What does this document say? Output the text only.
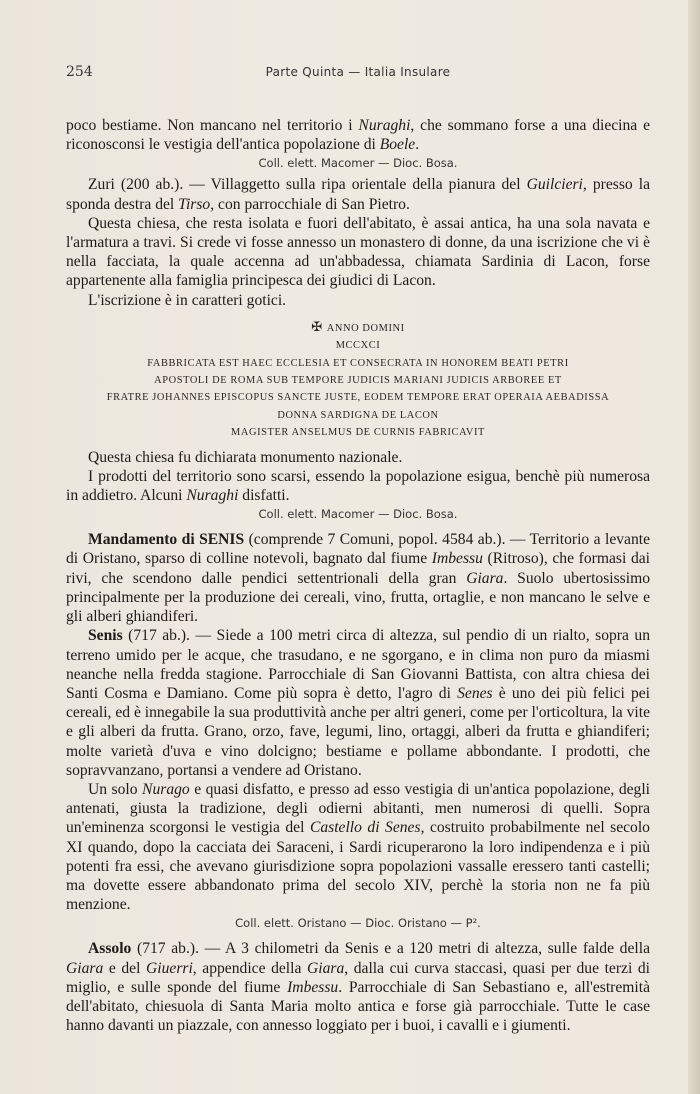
254	Parte Quinta — Italia Insulare

poco bestiame. Non mancano nel territorio i Nuraghi, che sommano forse a una diecina e riconosconsi le vestigia dell'antica popolazione di Boele.

Coll. elett. Macomer — Dioc. Bosa.

Zuri (200 ab.). — Villaggetto sulla ripa orientale della pianura del Guilcieri, presso la sponda destra del Tirso, con parrocchiale di San Pietro.

Questa chiesa, che resta isolata e fuori dell'abitato, è assai antica, ha una sola navata e l'armatura a travi. Si crede vi fosse annesso un monastero di donne, da una iscrizione che vi è nella facciata, la quale accenna ad un'abbadessa, chiamata Sardinia di Lacon, forse appartenente alla famiglia principesca dei giudici di Lacon.

L'iscrizione è in caratteri gotici.

✠ ANNO DOMINI
MCCXCI
FABBRICATA EST HAEC ECCLESIA ET CONSECRATA IN HONOREM BEATI PETRI
APOSTOLI DE ROMA SUB TEMPORE JUDICIS MARIANI JUDICIS ARBOREE ET
FRATRE JOHANNES EPISCOPUS SANCTE JUSTE, EODEM TEMPORE ERAT OPERAIA AEBADISSA
DONNA SARDIGNA DE LACON
MAGISTER ANSELMUS DE CURNIS FABRICAVIT

Questa chiesa fu dichiarata monumento nazionale.

I prodotti del territorio sono scarsi, essendo la popolazione esigua, benchè più numerosa in addietro. Alcuni Nuraghi disfatti.

Coll. elett. Macomer — Dioc. Bosa.

Mandamento di SENIS (comprende 7 Comuni, popol. 4584 ab.). — Territorio a levante di Oristano, sparso di colline notevoli, bagnato dal fiume Imbessu (Ritroso), che formasi dai rivi, che scendono dalle pendici settentrionali della gran Giara. Suolo ubertosissimo principalmente per la produzione dei cereali, vino, frutta, ortaglie, e non mancano le selve e gli alberi ghiandiferi.

Senis (717 ab.). — Siede a 100 metri circa di altezza, sul pendio di un rialto, sopra un terreno umido per le acque, che trasudano, e ne sgorgano, e in clima non puro da miasmi neanche nella fredda stagione. Parrocchiale di San Giovanni Battista, con altra chiesa dei Santi Cosma e Damiano. Come più sopra è detto, l'agro di Senes è uno dei più felici pei cereali, ed è innegabile la sua produttività anche per altri generi, come per l'orticoltura, la vite e gli alberi da frutta. Grano, orzo, fave, legumi, lino, ortaggi, alberi da frutta e ghiandiferi; molte varietà d'uva e vino dolcigno; bestiame e pollame abbondante. I prodotti, che sopravvanzano, portansi a vendere ad Oristano.

Un solo Nurago e quasi disfatto, e presso ad esso vestigia di un'antica popolazione, degli antenati, giusta la tradizione, degli odierni abitanti, men numerosi di quelli. Sopra un'eminenza scorgonsi le vestigia del Castello di Senes, costruito probabilmente nel secolo XI quando, dopo la cacciata dei Saraceni, i Sardi ricuperarono la loro indipendenza e i più potenti fra essi, che avevano giurisdizione sopra popolazioni vassalle eressero tanti castelli; ma dovette essere abbandonato prima del secolo XIV, perchè la storia non ne fa più menzione.

Coll. elett. Oristano — Dioc. Oristano — P².

Assolo (717 ab.). — A 3 chilometri da Senis e a 120 metri di altezza, sulle falde della Giara e del Giuerri, appendice della Giara, dalla cui curva staccasi, quasi per due terzi di miglio, e sulle sponde del fiume Imbessu. Parrocchiale di San Sebastiano e, all'estremità dell'abitato, chiesuola di Santa Maria molto antica e forse già parrocchiale. Tutte le case hanno davanti un piazzale, con annesso loggiato per i buoi, i cavalli e i giumenti.
